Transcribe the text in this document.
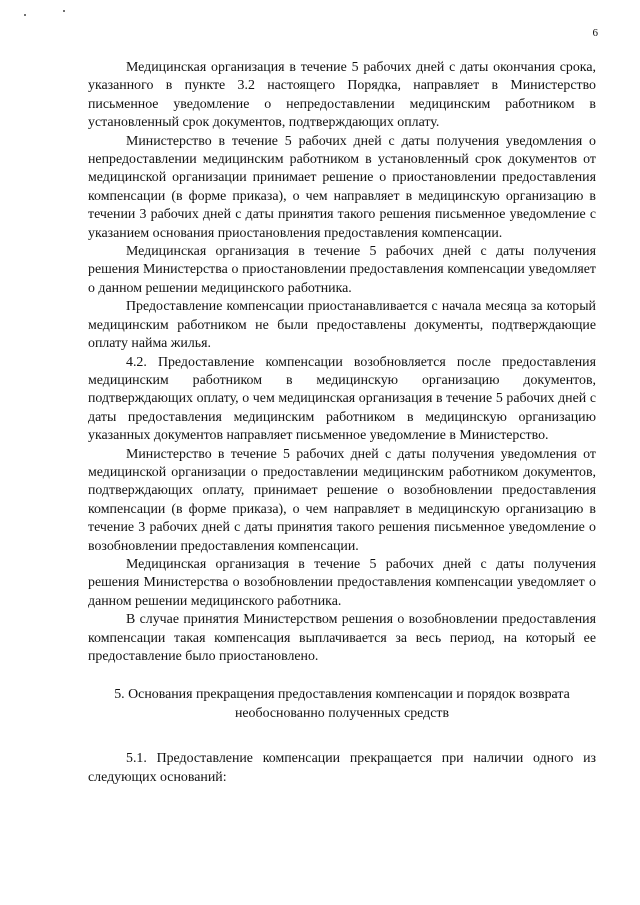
6

Медицинская организация в течение 5 рабочих дней с даты окончания срока, указанного в пункте 3.2 настоящего Порядка, направляет в Министерство письменное уведомление о непредоставлении медицинским работником в установленный срок документов, подтверждающих оплату.

Министерство в течение 5 рабочих дней с даты получения уведомления о непредоставлении медицинским работником в установленный срок документов от медицинской организации принимает решение о приостановлении предоставления компенсации (в форме приказа), о чем направляет в медицинскую организацию в течении 3 рабочих дней с даты принятия такого решения письменное уведомление с указанием основания приостановления предоставления компенсации.

Медицинская организация в течение 5 рабочих дней с даты получения решения Министерства о приостановлении предоставления компенсации уведомляет о данном решении медицинского работника.

Предоставление компенсации приостанавливается с начала месяца за который медицинским работником не были предоставлены документы, подтверждающие оплату найма жилья.

4.2. Предоставление компенсации возобновляется после предоставления медицинским работником в медицинскую организацию документов, подтверждающих оплату, о чем медицинская организация в течение 5 рабочих дней с даты предоставления медицинским работником в медицинскую организацию указанных документов направляет письменное уведомление в Министерство.

Министерство в течение 5 рабочих дней с даты получения уведомления от медицинской организации о предоставлении медицинским работником документов, подтверждающих оплату, принимает решение о возобновлении предоставления компенсации (в форме приказа), о чем направляет в медицинскую организацию в течение 3 рабочих дней с даты принятия такого решения письменное уведомление о возобновлении предоставления компенсации.

Медицинская организация в течение 5 рабочих дней с даты получения решения Министерства о возобновлении предоставления компенсации уведомляет о данном решении медицинского работника.

В случае принятия Министерством решения о возобновлении предоставления компенсации такая компенсация выплачивается за весь период, на который ее предоставление было приостановлено.

5. Основания прекращения предоставления компенсации и порядок возврата необоснованно полученных средств

5.1. Предоставление компенсации прекращается при наличии одного из следующих оснований:
